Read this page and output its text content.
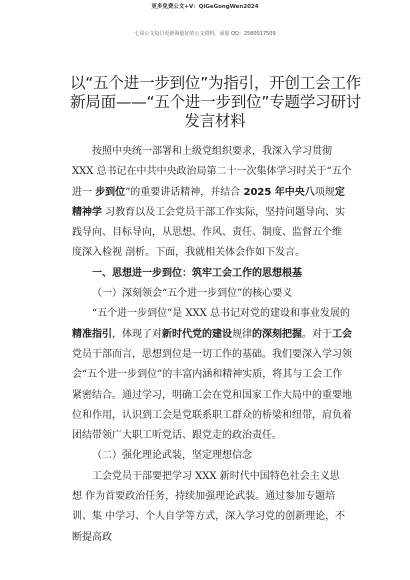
更多免费公文+V：QiGeGongWen2024
七哥公文每日更新海量好的公文资料，添加 QQ：2580017509
以“五个进一步到位”为指引，开创工会工作
新局面——“五个进一步到位”专题学习研讨
发言材料
按照中央统一部署和上级党组织要求，我深入学习贯彻
XXX 总书记在中共中央政治局第二十一次集体学习时关于“五个
进一 步到位”的重要讲话精神，并结合 2025 年中央八项规定
精神学 习教育以及工会党员干部工作实际，坚持问题导向、实
践导向、目标导向，从思想、作风、责任、制度、监督五个维
度深入检视 剖析。下面，我就相关体会作如下发言。
一、思想进一步到位：筑牢工会工作的思想根基
（一）深刻领会“五个进一步到位”的核心要义
“五个进一步到位”是 XXX 总书记对党的建设和事业发展的
精准指引，体现了对新时代党的建设规律的深刻把握。对于工会
党员干部而言，思想到位是一切工作的基础。我们要深入学习领
会“五个进一步到位”的丰富内涵和精神实质，将其与工会工作
紧密结合。通过学习，明确工会在党和国家工作大局中的重要地
位和作用，认识到工会是党联系职工群众的桥梁和纽带，肩负着
团结带领广大职工听党话、跟党走的政治责任。
（二）强化理论武装，坚定理想信念
工会党员干部要把学习 XXX 新时代中国特色社会主义思
想 作为首要政治任务，持续加强理论武装。通过参加专题培
训、集 中学习、个人自学等方式，深入学习党的创新理论，不
断提高政
